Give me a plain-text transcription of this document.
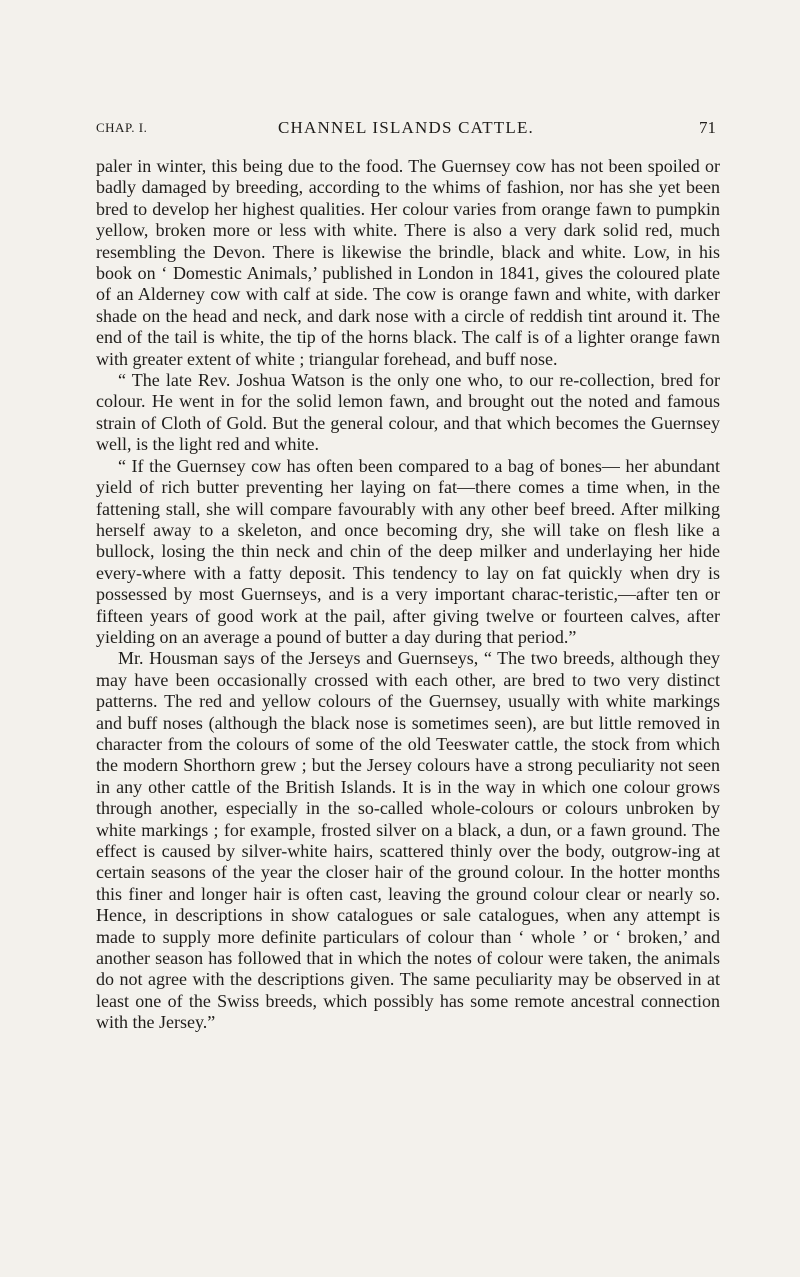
CHAP. I.	CHANNEL ISLANDS CATTLE.	71

paler in winter, this being due to the food. The Guernsey cow has not been spoiled or badly damaged by breeding, according to the whims of fashion, nor has she yet been bred to develop her highest qualities. Her colour varies from orange fawn to pumpkin yellow, broken more or less with white. There is also a very dark solid red, much resembling the Devon. There is likewise the brindle, black and white. Low, in his book on ‘ Domestic Animals,’ published in London in 1841, gives the coloured plate of an Alderney cow with calf at side. The cow is orange fawn and white, with darker shade on the head and neck, and dark nose with a circle of reddish tint around it. The end of the tail is white, the tip of the horns black. The calf is of a lighter orange fawn with greater extent of white ; triangular forehead, and buff nose.

“ The late Rev. Joshua Watson is the only one who, to our re-collection, bred for colour. He went in for the solid lemon fawn, and brought out the noted and famous strain of Cloth of Gold. But the general colour, and that which becomes the Guernsey well, is the light red and white.

“ If the Guernsey cow has often been compared to a bag of bones— her abundant yield of rich butter preventing her laying on fat—there comes a time when, in the fattening stall, she will compare favourably with any other beef breed. After milking herself away to a skeleton, and once becoming dry, she will take on flesh like a bullock, losing the thin neck and chin of the deep milker and underlaying her hide every-where with a fatty deposit. This tendency to lay on fat quickly when dry is possessed by most Guernseys, and is a very important charac-teristic,—after ten or fifteen years of good work at the pail, after giving twelve or fourteen calves, after yielding on an average a pound of butter a day during that period.”

Mr. Housman says of the Jerseys and Guernseys, “ The two breeds, although they may have been occasionally crossed with each other, are bred to two very distinct patterns. The red and yellow colours of the Guernsey, usually with white markings and buff noses (although the black nose is sometimes seen), are but little removed in character from the colours of some of the old Teeswater cattle, the stock from which the modern Shorthorn grew ; but the Jersey colours have a strong peculiarity not seen in any other cattle of the British Islands. It is in the way in which one colour grows through another, especially in the so-called whole-colours or colours unbroken by white markings ; for example, frosted silver on a black, a dun, or a fawn ground. The effect is caused by silver-white hairs, scattered thinly over the body, outgrow-ing at certain seasons of the year the closer hair of the ground colour. In the hotter months this finer and longer hair is often cast, leaving the ground colour clear or nearly so. Hence, in descriptions in show catalogues or sale catalogues, when any attempt is made to supply more definite particulars of colour than ‘ whole ’ or ‘ broken,’ and another season has followed that in which the notes of colour were taken, the animals do not agree with the descriptions given. The same peculiarity may be observed in at least one of the Swiss breeds, which possibly has some remote ancestral connection with the Jersey.”
